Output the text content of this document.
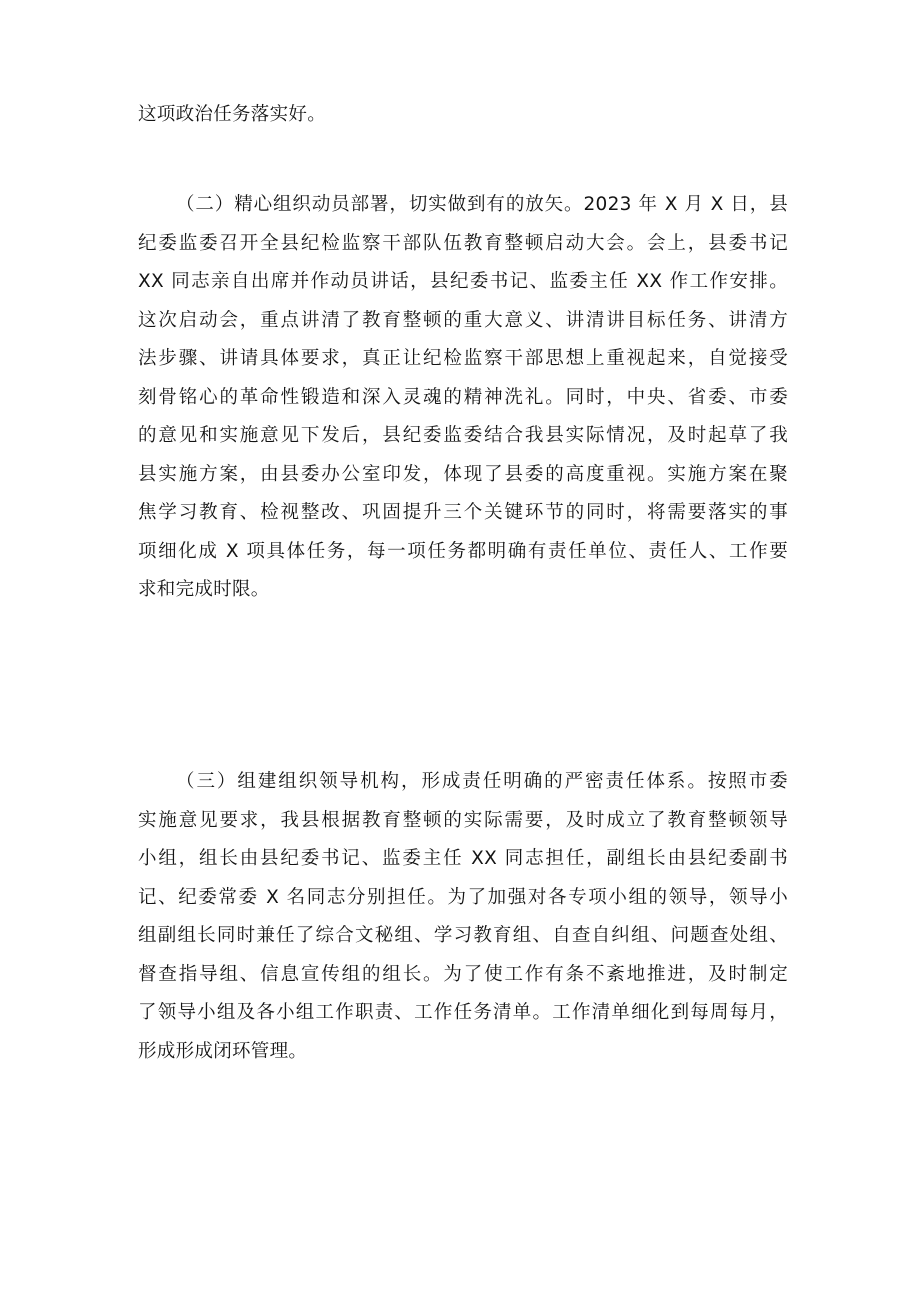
这项政治任务落实好。
（二）精心组织动员部署，切实做到有的放矢。2023 年 X 月 X 日，县
纪委监委召开全县纪检监察干部队伍教育整顿启动大会。会上，县委书记
XX 同志亲自出席并作动员讲话，县纪委书记、监委主任 XX 作工作安排。
这次启动会，重点讲清了教育整顿的重大意义、讲清讲目标任务、讲清方
法步骤、讲请具体要求，真正让纪检监察干部思想上重视起来，自觉接受
刻骨铭心的革命性锻造和深入灵魂的精神洗礼。同时，中央、省委、市委
的意见和实施意见下发后，县纪委监委结合我县实际情况，及时起草了我
县实施方案，由县委办公室印发，体现了县委的高度重视。实施方案在聚
焦学习教育、检视整改、巩固提升三个关键环节的同时，将需要落实的事
项细化成 X 项具体任务，每一项任务都明确有责任单位、责任人、工作要
求和完成时限。
（三）组建组织领导机构，形成责任明确的严密责任体系。按照市委
实施意见要求，我县根据教育整顿的实际需要，及时成立了教育整顿领导
小组，组长由县纪委书记、监委主任 XX 同志担任，副组长由县纪委副书
记、纪委常委 X 名同志分别担任。为了加强对各专项小组的领导，领导小
组副组长同时兼任了综合文秘组、学习教育组、自查自纠组、问题查处组、
督查指导组、信息宣传组的组长。为了使工作有条不紊地推进，及时制定
了领导小组及各小组工作职责、工作任务清单。工作清单细化到每周每月，
形成形成闭环管理。
